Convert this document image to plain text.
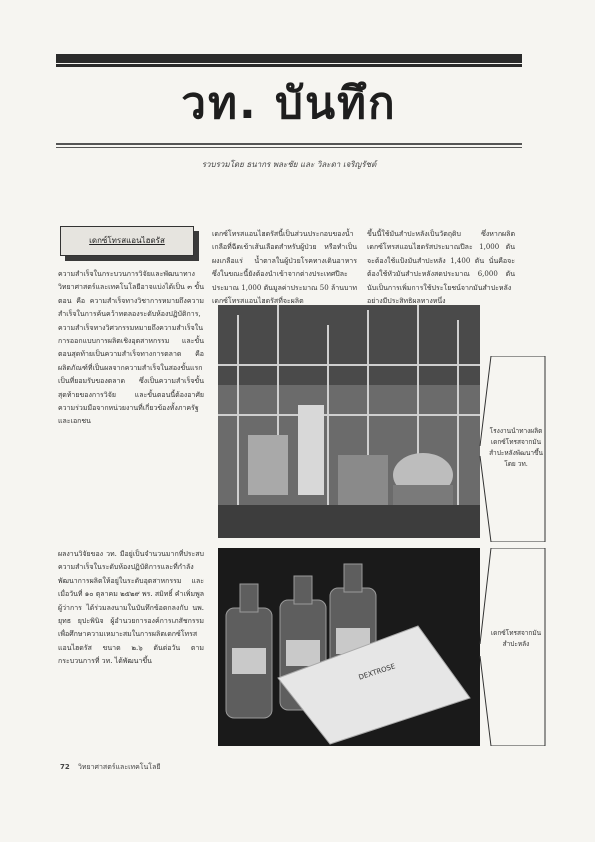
วท. บันทึก
รวบรวมโดย ธนากร พละชัย และ วิละดา เจริญรัชต์
เดกซ์โทรสแอนไฮดรัส

ความสำเร็จในกระบวนการวิจัยและพัฒนาทางวิทยาศาสตร์และเทคโนโลยีอาจแบ่งได้เป็น ๓ ขั้นตอน คือ ความสำเร็จทางวิชาการหมายถึงความสำเร็จในการค้นคว้าทดลองระดับห้องปฏิบัติการ, ความสำเร็จทางวิศวกรรมหมายถึงความสำเร็จในการออกแบบการผลิตเชิงอุตสาหกรรม และขั้นตอนสุดท้ายเป็นความสำเร็จทางการตลาด คือ ผลิตภัณฑ์ที่เป็นผลจากความสำเร็จในสองขั้นแรกเป็นที่ยอมรับของตลาด ซึ่งเป็นความสำเร็จขั้นสุดท้ายของการวิจัย และขั้นตอนนี้ต้องอาศัยความร่วมมือจากหน่วยงานที่เกี่ยวข้องทั้งภาครัฐและเอกชน

ผลงานวิจัยของ วท. มีอยู่เป็นจำนวนมากที่ประสบความสำเร็จในระดับห้องปฏิบัติการและที่กำลังพัฒนาการผลิตให้อยู่ในระดับอุตสาหกรรม และเมื่อวันที่ ๑๐ ตุลาคม ๒๕๒๙ พร. สมิทธิ์ คำเพิ่มพูล ผู้ว่าการ ได้ร่วมลงนามในบันทึกข้อตกลงกับ นพ. ยุทธ ยุปะพินิจ ผู้อำนวยการองค์การเภสัชกรรม เพื่อศึกษาความเหมาะสมในการผลิตเดกซ์โทรสแอนไฮดรัส ขนาด ๒.๖ ตันต่อวัน ตามกระบวนการที่ วท. ได้พัฒนาขึ้น

เดกซ์โทรสแอนไฮดรัสนี้เป็นส่วนประกอบของน้ำเกลือที่ฉีดเข้าเส้นเลือดสำหรับผู้ป่วย หรือทำเป็นผงเกลือแร่ น้ำตาลในผู้ป่วยโรคทางเดินอาหาร ซึ่งในขณะนี้ยังต้องนำเข้าจากต่างประเทศปีละประมาณ 1,000 ตันมูลค่าประมาณ 50 ล้านบาท เดกซ์โทรสแอนไฮดรัสที่จะผลิต

ขึ้นนี้ใช้มันสำปะหลังเป็นวัตถุดิบ ซึ่งหากผลิตเดกซ์โทรสแอนไฮดรัสประมาณปีละ 1,000 ตัน จะต้องใช้แป้งมันสำปะหลัง 1,400 ตัน นั่นคือจะต้องใช้หัวมันสำปะหลังสดประมาณ 6,000 ตัน นับเป็นการเพิ่มการใช้ประโยชน์จากมันสำปะหลังอย่างมีประสิทธิผลทางหนึ่ง

โรงงานนำทางผลิตเดกซ์โทรสจากมันสำปะหลังพัฒนาขึ้นโดย วท.
DEXTROSE
เดกซ์โทรสจากมันสำปะหลัง
72 วิทยาศาสตร์และเทคโนโลยี
